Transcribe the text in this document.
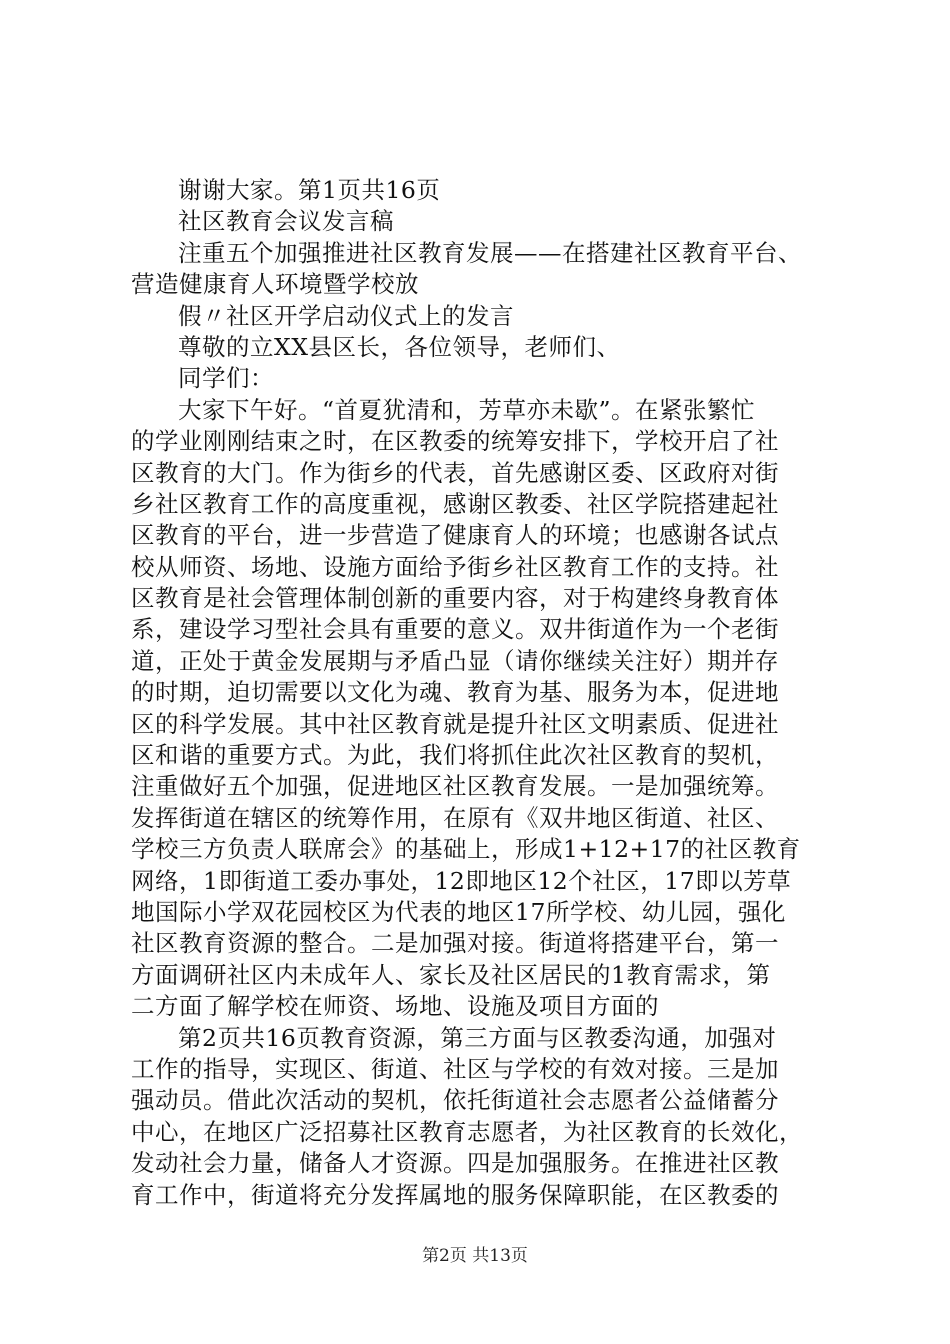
谢谢大家。第1页共16页
社区教育会议发言稿
注重五个加强推进社区教育发展——在搭建社区教育平台、
营造健康育人环境暨学校放
假〃社区开学启动仪式上的发言
尊敬的立XX县区长，各位领导，老师们、
同学们：
大家下午好。“首夏犹清和，芳草亦未歇”。在紧张繁忙
的学业刚刚结束之时，在区教委的统筹安排下，学校开启了社
区教育的大门。作为街乡的代表，首先感谢区委、区政府对街
乡社区教育工作的高度重视，感谢区教委、社区学院搭建起社
区教育的平台，进一步营造了健康育人的环境；也感谢各试点
校从师资、场地、设施方面给予街乡社区教育工作的支持。社
区教育是社会管理体制创新的重要内容，对于构建终身教育体
系，建设学习型社会具有重要的意义。双井街道作为一个老街
道，正处于黄金发展期与矛盾凸显（请你继续关注好）期并存
的时期，迫切需要以文化为魂、教育为基、服务为本，促进地
区的科学发展。其中社区教育就是提升社区文明素质、促进社
区和谐的重要方式。为此，我们将抓住此次社区教育的契机，
注重做好五个加强，促进地区社区教育发展。一是加强统筹。
发挥街道在辖区的统筹作用，在原有《双井地区街道、社区、
学校三方负责人联席会》的基础上，形成1+12+17的社区教育
网络，1即街道工委办事处，12即地区12个社区，17即以芳草
地国际小学双花园校区为代表的地区17所学校、幼儿园，强化
社区教育资源的整合。二是加强对接。街道将搭建平台，第一
方面调研社区内未成年人、家长及社区居民的1教育需求，第
二方面了解学校在师资、场地、设施及项目方面的
第2页共16页教育资源，第三方面与区教委沟通，加强对
工作的指导，实现区、街道、社区与学校的有效对接。三是加
强动员。借此次活动的契机，依托街道社会志愿者公益储蓄分
中心，在地区广泛招募社区教育志愿者，为社区教育的长效化，
发动社会力量，储备人才资源。四是加强服务。在推进社区教
育工作中，街道将充分发挥属地的服务保障职能，在区教委的
第2页 共13页
